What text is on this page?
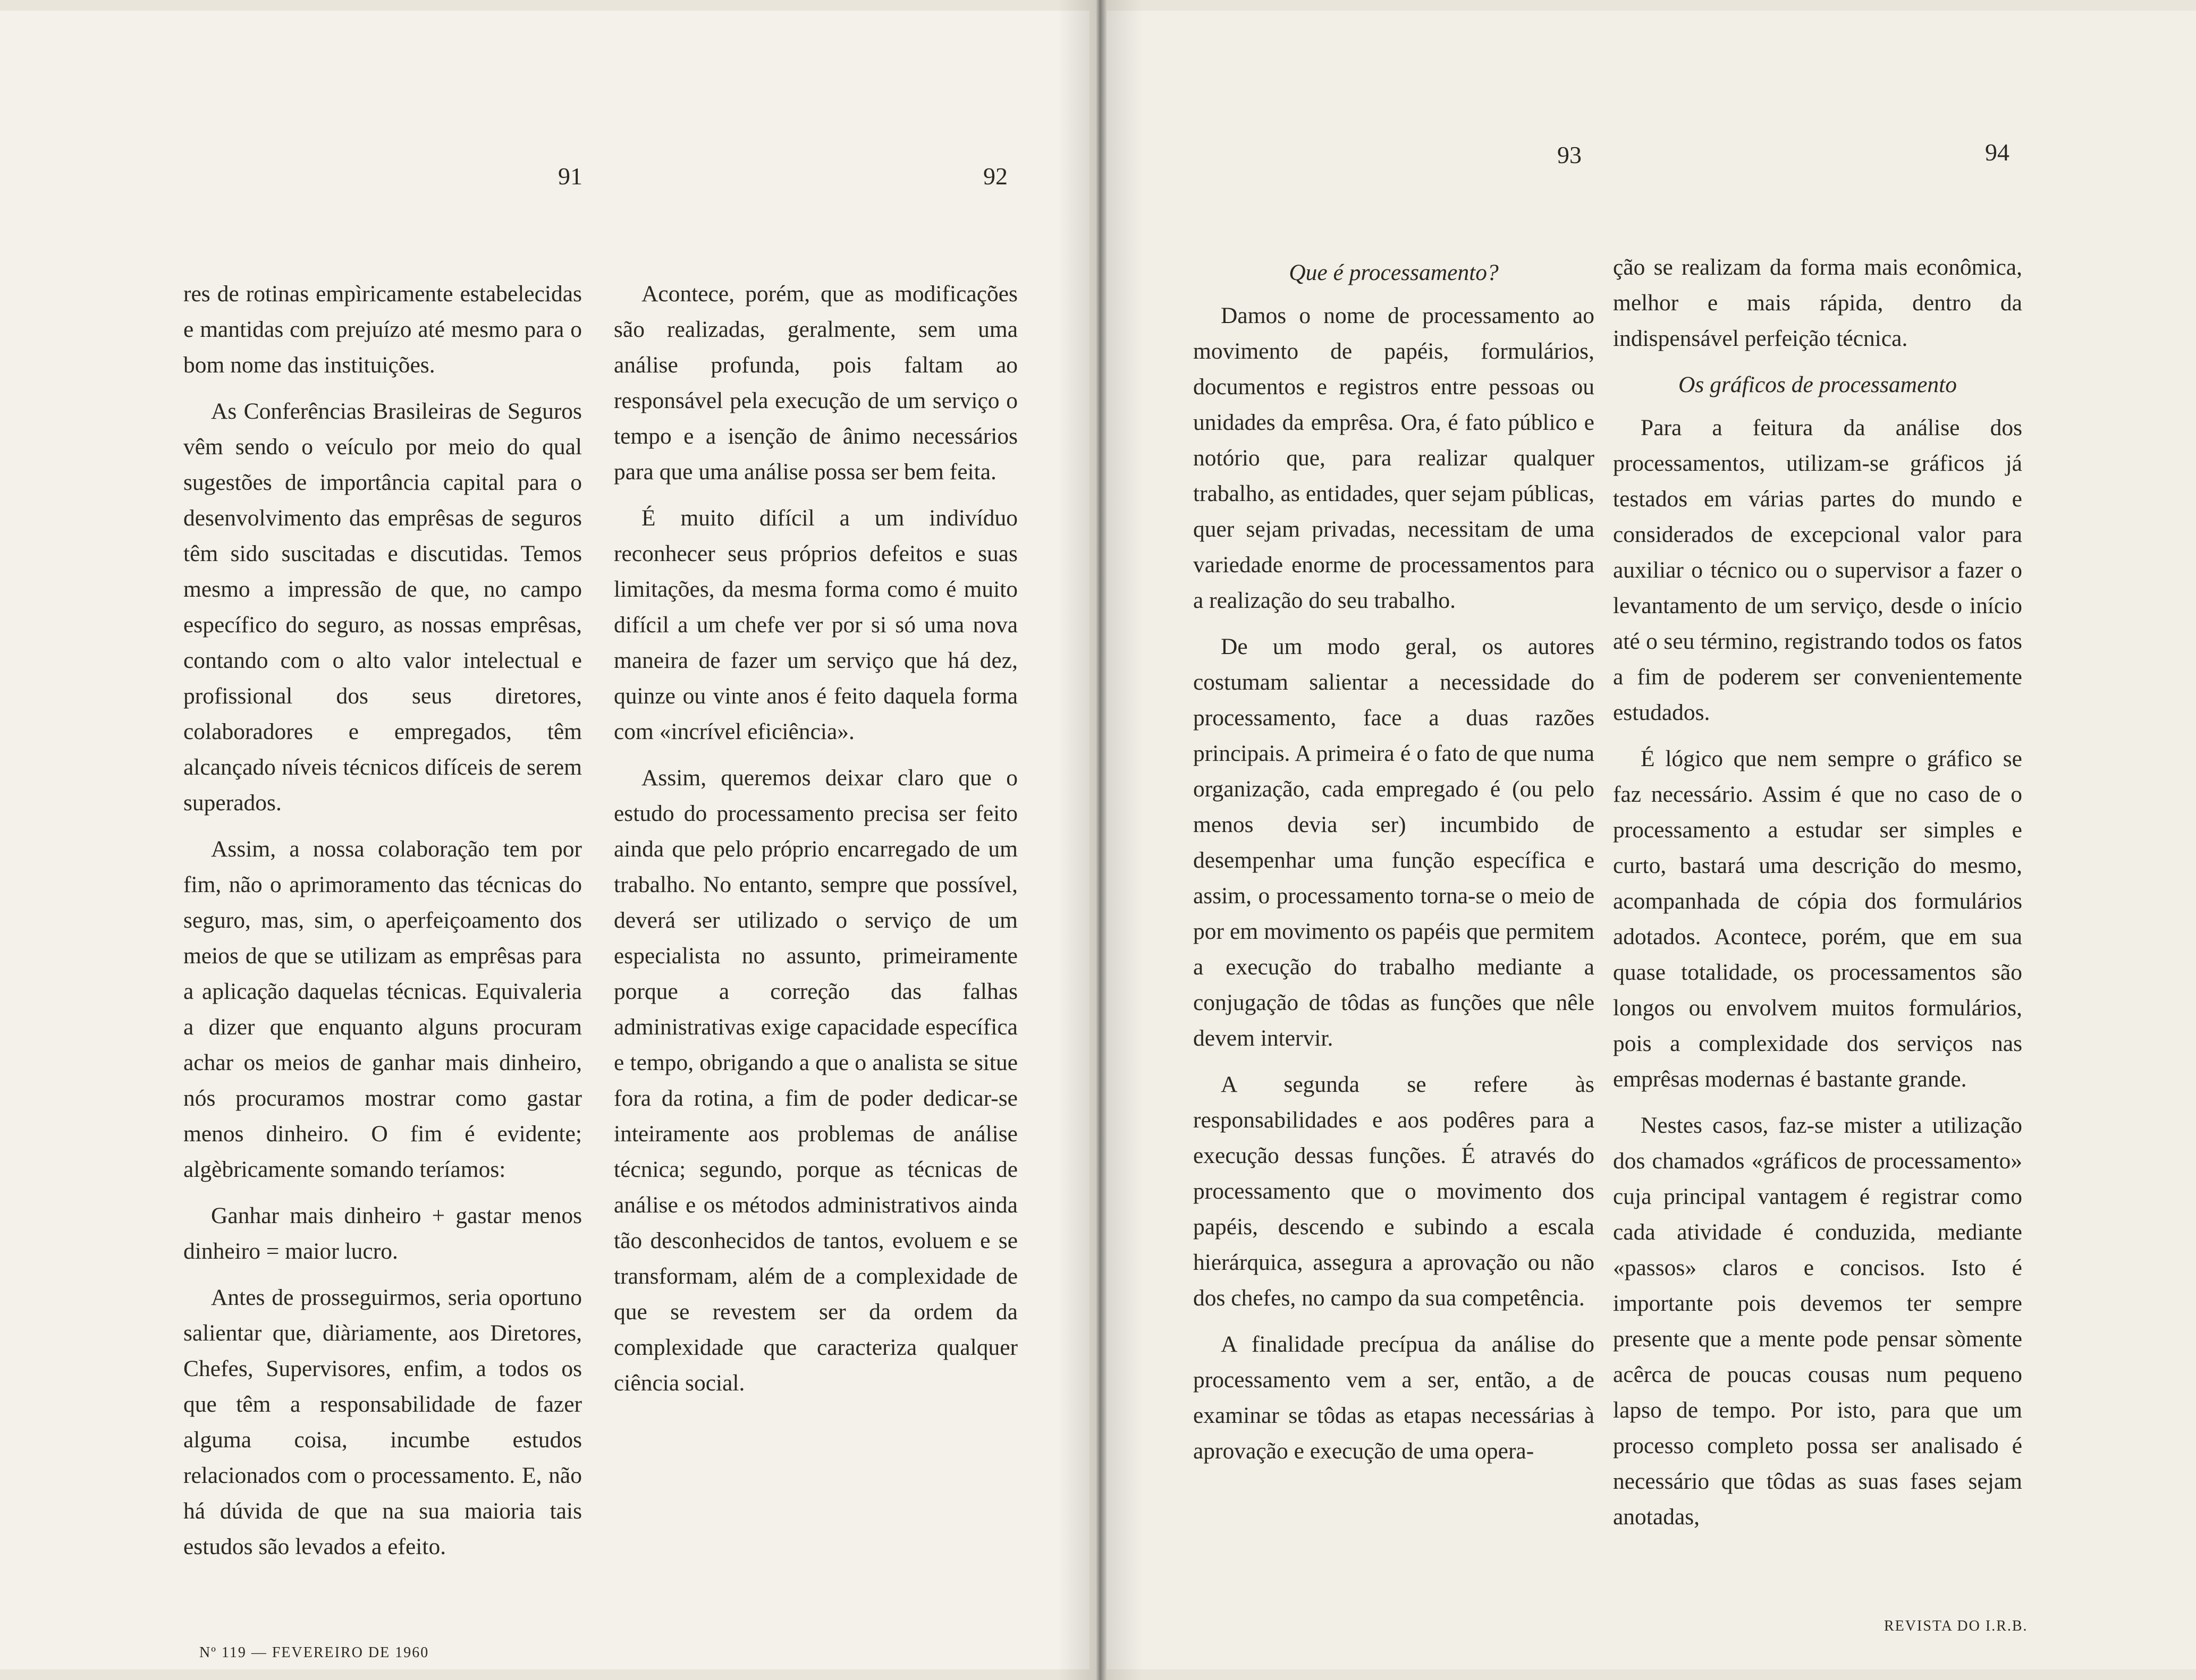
91

res de rotinas empìricamente estabelecidas e mantidas com prejuízo até mesmo para o bom nome das instituições.

As Conferências Brasileiras de Seguros vêm sendo o veículo por meio do qual sugestões de importância capital para o desenvolvimento das emprêsas de seguros têm sido suscitadas e discutidas. Temos mesmo a impressão de que, no campo específico do seguro, as nossas emprêsas, contando com o alto valor intelectual e profissional dos seus diretores, colaboradores e empregados, têm alcançado níveis técnicos difíceis de serem superados.

Assim, a nossa colaboração tem por fim, não o aprimoramento das técnicas do seguro, mas, sim, o aperfeiçoamento dos meios de que se utilizam as emprêsas para a aplicação daquelas técnicas. Equivaleria a dizer que enquanto alguns procuram achar os meios de ganhar mais dinheiro, nós procuramos mostrar como gastar menos dinheiro. O fim é evidente; algèbricamente somando teríamos:

Ganhar mais dinheiro + gastar menos dinheiro = maior lucro.

Antes de prosseguirmos, seria oportuno salientar que, diàriamente, aos Diretores, Chefes, Supervisores, enfim, a todos os que têm a responsabilidade de fazer alguma coisa, incumbe estudos relacionados com o processamento. E, não há dúvida de que na sua maioria tais estudos são levados a efeito.

92

Acontece, porém, que as modificações são realizadas, geralmente, sem uma análise profunda, pois faltam ao responsável pela execução de um serviço o tempo e a isenção de ânimo necessários para que uma análise possa ser bem feita.

É muito difícil a um indivíduo reconhecer seus próprios defeitos e suas limitações, da mesma forma como é muito difícil a um chefe ver por si só uma nova maneira de fazer um serviço que há dez, quinze ou vinte anos é feito daquela forma com «incrível eficiência».

Assim, queremos deixar claro que o estudo do processamento precisa ser feito ainda que pelo próprio encarregado de um trabalho. No entanto, sempre que possível, deverá ser utilizado o serviço de um especialista no assunto, primeiramente porque a correção das falhas administrativas exige capacidade específica e tempo, obrigando a que o analista se situe fora da rotina, a fim de poder dedicar-se inteiramente aos problemas de análise técnica; segundo, porque as técnicas de análise e os métodos administrativos ainda tão desconhecidos de tantos, evoluem e se transformam, além de a complexidade de que se revestem ser da ordem da complexidade que caracteriza qualquer ciência social.

93

Que é processamento?

Damos o nome de processamento ao movimento de papéis, formulários, documentos e registros entre pessoas ou unidades da emprêsa. Ora, é fato público e notório que, para realizar qualquer trabalho, as entidades, quer sejam públicas, quer sejam privadas, necessitam de uma variedade enorme de processamentos para a realização do seu trabalho.

De um modo geral, os autores costumam salientar a necessidade do processamento, face a duas razões principais. A primeira é o fato de que numa organização, cada empregado é (ou pelo menos devia ser) incumbido de desempenhar uma função específica e assim, o processamento torna-se o meio de por em movimento os papéis que permitem a execução do trabalho mediante a conjugação de tôdas as funções que nêle devem intervir.

A segunda se refere às responsabilidades e aos podêres para a execução dessas funções. É através do processamento que o movimento dos papéis, descendo e subindo a escala hierárquica, assegura a aprovação ou não dos chefes, no campo da sua competência.

A finalidade precípua da análise do processamento vem a ser, então, a de examinar se tôdas as etapas necessárias à aprovação e execução de uma opera-

94

ção se realizam da forma mais econômica, melhor e mais rápida, dentro da indispensável perfeição técnica.

Os gráficos de processamento

Para a feitura da análise dos processamentos, utilizam-se gráficos já testados em várias partes do mundo e considerados de excepcional valor para auxiliar o técnico ou o supervisor a fazer o levantamento de um serviço, desde o início até o seu término, registrando todos os fatos a fim de poderem ser convenientemente estudados.

É lógico que nem sempre o gráfico se faz necessário. Assim é que no caso de o processamento a estudar ser simples e curto, bastará uma descrição do mesmo, acompanhada de cópia dos formulários adotados. Acontece, porém, que em sua quase totalidade, os processamentos são longos ou envolvem muitos formulários, pois a complexidade dos serviços nas emprêsas modernas é bastante grande.

Nestes casos, faz-se mister a utilização dos chamados «gráficos de processamento» cuja principal vantagem é registrar como cada atividade é conduzida, mediante «passos» claros e concisos. Isto é importante pois devemos ter sempre presente que a mente pode pensar sòmente acêrca de poucas cousas num pequeno lapso de tempo. Por isto, para que um processo completo possa ser analisado é necessário que tôdas as suas fases sejam anotadas,

Nº 119 — FEVEREIRO DE 1960
REVISTA DO I.R.B.
